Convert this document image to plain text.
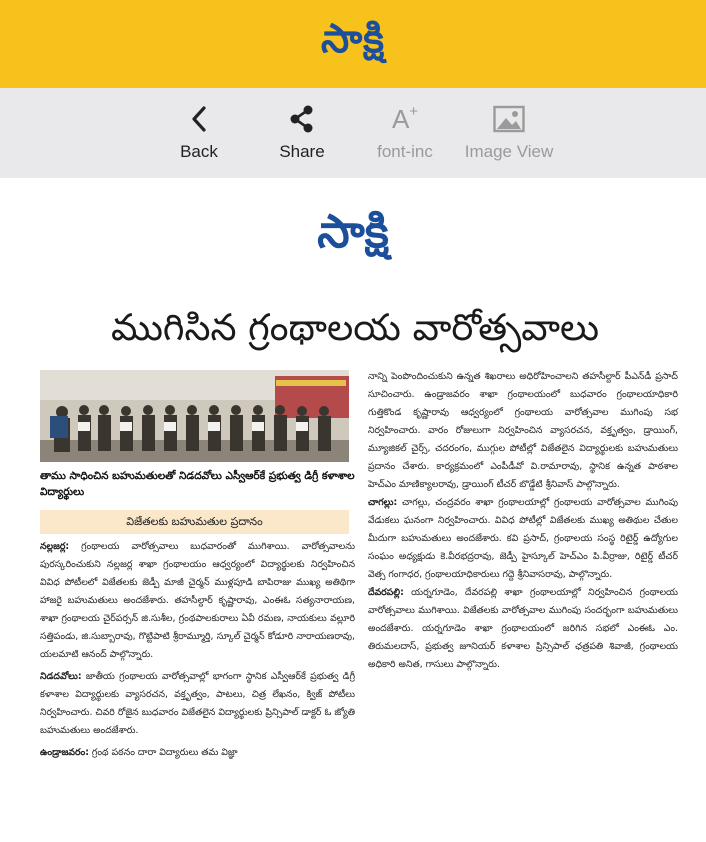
సాక్షి
Back	Share
A +
font-inc Image View
సాక్షి
ముగిసిన గ్రంథాలయ వారోత్సవాలు
తాము సాధించిన బహుమతులతో నిడదవోలు ఎస్వీఆర్‌కే ప్రభుత్వ డిగ్రీ కళాశాల విద్యార్థులు
విజేతలకు బహుమతుల ప్రదానం

నల్లజర్ల: గ్రంథాలయ వారోత్సవాలు బుధవారంతో ముగిశాయి. వారోత్సవాలను పురస్కరించుకుని నల్లజర్ల శాఖా గ్రంథాలయం ఆధ్వర్యంలో విద్యార్థులకు నిర్వహించిన వివిధ పోటీలలో విజేతలకు జెడ్పీ మాజీ చైర్మన్ ముళ్లపూడి బాపిరాజు ముఖ్య అతిథిగా హాజరై బహుమతులు అందజేశారు. తహసీల్దార్ కృష్ణారావు, ఎంఈఓ సత్యనారాయణ, శాఖా గ్రంథాలయ చైర్‌పర్సన్ జి.సుశీల, గ్రంథపాలకురాలు ఏవీ రమణ, నాయకులు వల్లూరి సత్తిపండు, జి.సుబ్బారావు, గొట్టిపాటి శ్రీరామ్మూర్తి, స్కూల్ చైర్మన్ కోడూరి నారాయణరావు, యలమాటి ఆనంద్ పాల్గొన్నారు.

నిడదవోలు: జాతీయ గ్రంథాలయ వారోత్సవాల్లో భాగంగా స్థానిక ఎస్వీఆర్‌కే ప్రభుత్వ డిగ్రీ కళాశాల విద్యార్థులకు వ్యాసరచన, వక్తృత్వం, పాటలు, చిత్ర లేఖనం, క్విజ్ పోటీలు నిర్వహించారు. చివరి రోజైన బుధవారం విజేతలైన విద్యార్థులకు ప్రిన్సిపాల్ డాక్టర్ ఓ జ్యోతి బహుమతులు అందజేశారు.

ఉండ్రాజవరం: గ్రంథ పఠనం దారా విద్యారులు తమ విజ్ఞా

నాన్ని పెంపొందించుకుని ఉన్నత శిఖరాలు అధిరోహించాలని తహసీల్దార్ పీఎన్‌డీ ప్రసాద్ సూచించారు. ఉండ్రాజవరం శాఖా గ్రంథాలయంలో బుధవారం గ్రంథాలయాధికారి గుత్తికొండ కృష్ణారావు ఆధ్వర్యంలో గ్రంథాలయ వారోత్సవాల ముగింపు సభ నిర్వహించారు. వారం రోజులుగా నిర్వహించిన వ్యాసరచన, వక్తృత్వం, డ్రాయింగ్, మ్యూజికల్ చైర్స్, చదరంగం, ముగ్గుల పోటీల్లో విజేతలైన విద్యార్థులకు బహుమతులు ప్రదానం చేశారు. కార్యక్రమంలో ఎంపీడీవో వి.రామారావు, స్థానిక ఉన్నత పాఠశాల హెచ్‌ఎం మాణిక్యాలరావు, డ్రాయింగ్ టీచర్ బొడ్డేటి శ్రీనివాస్ పాల్గొన్నారు.

చాగల్లు: చాగల్లు, చంద్రవరం శాఖా గ్రంథాలయాల్లో గ్రంథాలయ వారోత్సవాల ముగింపు వేడుకలు ఘనంగా నిర్వహించారు. వివిధ పోటీల్లో విజేతలకు ముఖ్య అతిథుల చేతుల మీదుగా బహుమతులు అందజేశారు. కవి ప్రసాద్, గ్రంథాలయ సంస్థ రిటైర్డ్ ఉద్యోగుల సంఘం అధ్యక్షుడు కె.వీరభద్రరావు, జెడ్పీ హైస్కూల్ హెచ్‌ఎం పి.వీర్రాజు, రిటైర్డ్ టీచర్ వెత్స గంగాధర, గ్రంథాలయాధికారులు గద్దె శ్రీనివాసరావు, పాల్గొన్నారు.

దేవరపల్లి: యర్నగూడెం, దేవరపల్లి శాఖా గ్రంథాలయాల్లో నిర్వహించిన గ్రంథాలయ వారోత్సవాలు ముగిశాయి. విజేతలకు వారోత్సవాల ముగింపు సందర్భంగా బహుమతులు అందజేశారు. యర్నగూడెం శాఖా గ్రంథాలయంలో జరిగిన సభలో ఎంఈఓ ఎం. తిరుమలదాస్, ప్రభుత్వ జూనియర్ కళాశాల ప్రిన్సిపాల్ ఛత్రపతి శివాజీ, గ్రంథాలయ అధికారి అనిత, గాసులు పాల్గొన్నారు.
